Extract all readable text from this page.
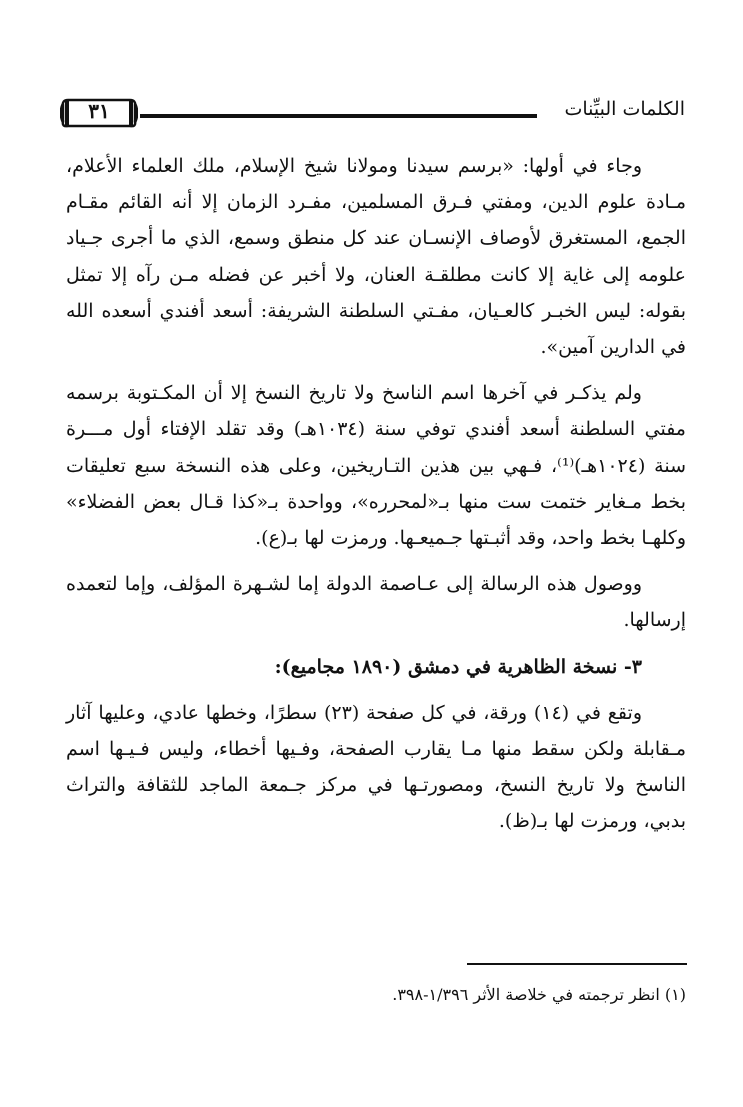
٣١	الكلمات البيِّنات

وجاء في أولها: «برسم سيدنا ومولانا شيخ الإسلام، ملك العلماء الأعلام، مـادة علوم الدين، ومفتي فـرق المسلمين، مفـرد الزمان إلا أنه القائم مقـام الجمع، المستغرق لأوصاف الإنسـان عند كل منطق وسمع، الذي ما أجرى جـياد علومه إلى غاية إلا كانت مطلقـة العنان، ولا أخبر عن فضله مـن رآه إلا تمثل بقوله: ليس الخبـر كالعـيان، مفـتي السلطنة الشريفة: أسعد أفندي أسعده الله في الدارين آمين».

ولم يذكـر في آخرها اسم الناسخ ولا تاريخ النسخ إلا أن المكـتوبة برسمه مفتي السلطنة أسعد أفندي توفي سنة (١٠٣٤هـ) وقد تقلد الإفتاء أول مـــرة سنة (١٠٢٤هـ)⁽¹⁾، فـهي بين هذين التـاريخين، وعلى هذه النسخة سبع تعليقات بخط مـغاير ختمت ست منها بـ«لمحرره»، وواحدة بـ«كذا قـال بعض الفضلاء» وكلهـا بخط واحد، وقد أثبـتها جـميعـها. ورمزت لها بـ(ع).

ووصول هذه الرسالة إلى عـاصمة الدولة إما لشـهرة المؤلف، وإما لتعمده إرسالها.

٣- نسخة الظاهرية في دمشق (١٨٩٠ مجاميع):

وتقع في (١٤) ورقة، في كل صفحة (٢٣) سطرًا، وخطها عادي، وعليها آثار مـقابلة ولكن سقط منها مـا يقارب الصفحة، وفـيها أخطاء، وليس فـيـها اسم الناسخ ولا تاريخ النسخ، ومصورتـها في مركز جـمعة الماجد للثقافة والتراث بدبي، ورمزت لها بـ(ظ).

(١) انظر ترجمته في خلاصة الأثر ١/٣٩٦-٣٩٨.
